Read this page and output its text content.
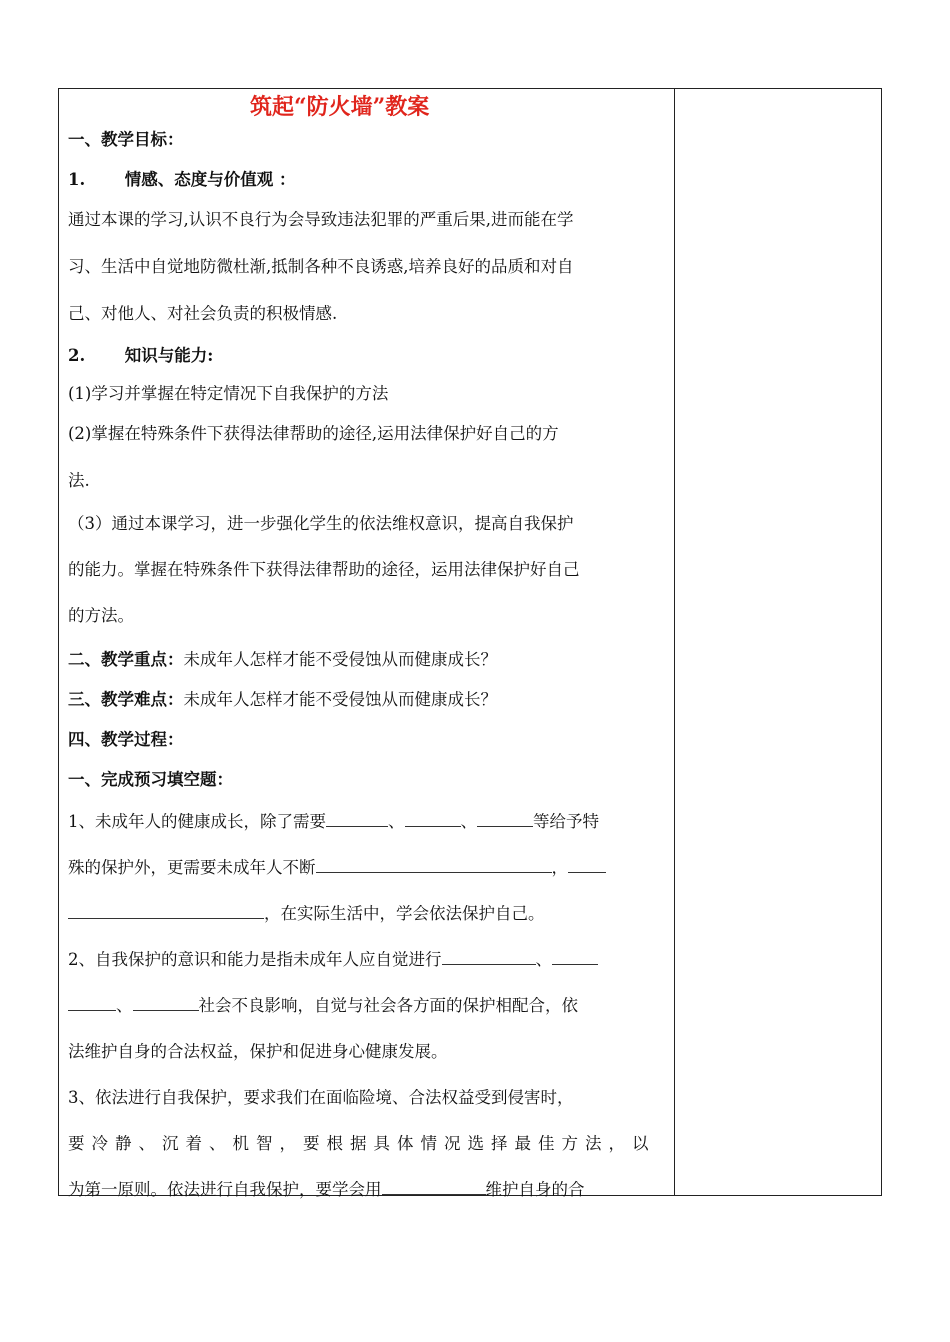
筑起“防火墙”教案
一、教学目标：
1. 情感、态度与价值观 ：
通过本课的学习,认识不良行为会导致违法犯罪的严重后果,进而能在学
习、生活中自觉地防微杜渐,抵制各种不良诱惑,培养良好的品质和对自
己、对他人、对社会负责的积极情感.
2. 知识与能力:
(1)学习并掌握在特定情况下自我保护的方法
(2)掌握在特殊条件下获得法律帮助的途径,运用法律保护好自己的方
法.
（3）通过本课学习，进一步强化学生的依法维权意识，提高自我保护
的能力。掌握在特殊条件下获得法律帮助的途径，运用法律保护好自己
的方法。
二、教学重点：未成年人怎样才能不受侵蚀从而健康成长？
三、教学难点：未成年人怎样才能不受侵蚀从而健康成长？
四、教学过程：
一、完成预习填空题：
1、未成年人的健康成长，除了需要	、	、	等给予特
殊的保护外，更需要未成年人不断	，
，在实际生活中，学会依法保护自己。
2、自我保护的意识和能力是指未成年人应自觉进行	、
、	社会不良影响，自觉与社会各方面的保护相配合，依
法维护自身的合法权益，保护和促进身心健康发展。
3、依法进行自我保护，要求我们在面临险境、合法权益受到侵害时，
要冷静、沉着、机智，要根据具体情况选择最佳方法，以
为第一原则。依法进行自我保护，要学会用	维护自身的合
